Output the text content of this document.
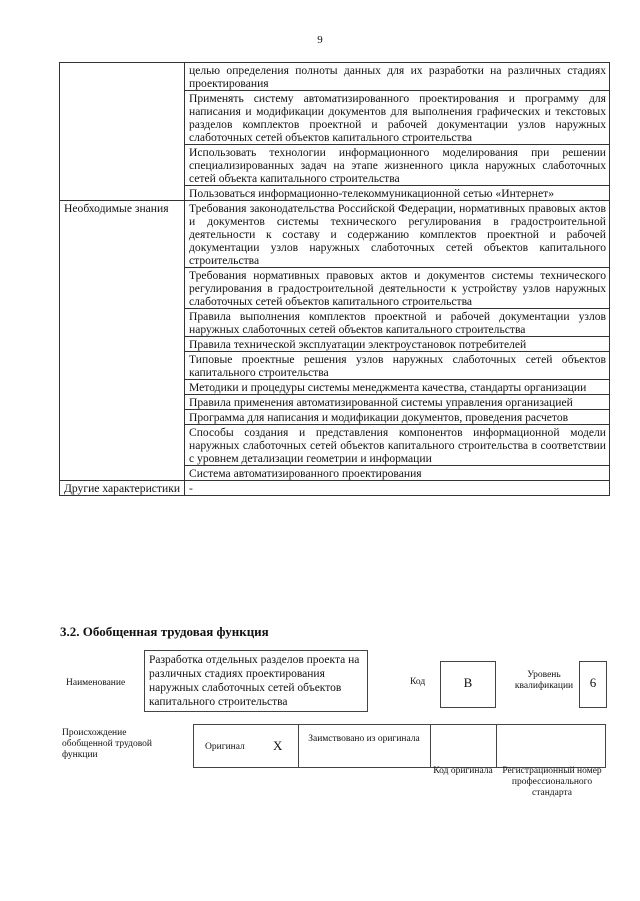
9
	целью определения полноты данных для их разработки на различных стадиях проектирования
	Применять систему автоматизированного проектирования и программу для написания и модификации документов для выполнения графических и текстовых разделов комплектов проектной и рабочей документации узлов наружных слаботочных сетей объектов капитального строительства
	Использовать технологии информационного моделирования при решении специализированных задач на этапе жизненного цикла наружных слаботочных сетей объекта капитального строительства
	Пользоваться информационно-телекоммуникационной сетью «Интернет»
Необходимые знания	Требования законодательства Российской Федерации, нормативных правовых актов и документов системы технического регулирования в градостроительной деятельности к составу и содержанию комплектов проектной и рабочей документации узлов наружных слаботочных сетей объектов капитального строительства
	Требования нормативных правовых актов и документов системы технического регулирования в градостроительной деятельности к устройству узлов наружных слаботочных сетей объектов капитального строительства
	Правила выполнения комплектов проектной и рабочей документации узлов наружных слаботочных сетей объектов капитального строительства
	Правила технической эксплуатации электроустановок потребителей
	Типовые проектные решения узлов наружных слаботочных сетей объектов капитального строительства
	Методики и процедуры системы менеджмента качества, стандарты организации
	Правила применения автоматизированной системы управления организацией
	Программа для написания и модификации документов, проведения расчетов
	Способы создания и представления компонентов информационной модели наружных слаботочных сетей объектов капитального строительства в соответствии с уровнем детализации геометрии и информации
	Система автоматизированного проектирования
Другие характеристики	-
3.2. Обобщенная трудовая функция
Наименование
Разработка отдельных разделов проекта на различных стадиях проектирования наружных слаботочных сетей объектов капитального строительства
Код	B	Уровень квалификации	6
Происхождение обобщенной трудовой функции
Оригинал X	Заимствовано из оригинала
Код оригинала	Регистрационный номер профессионального стандарта
